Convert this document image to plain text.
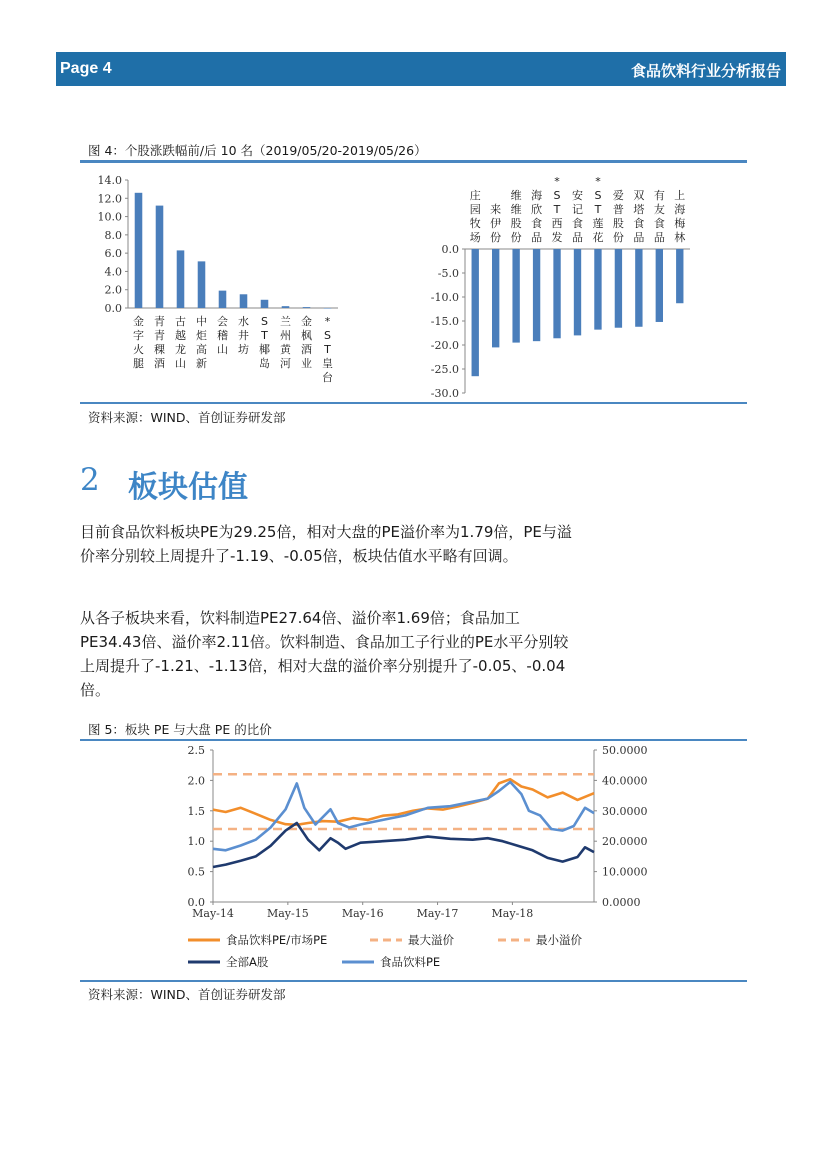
Page 4	食品饮料行业分析报告
图 4：个股涨跌幅前/后 10 名（2019/05/20-2019/05/26）
0.0
2.0
4.0
6.0
8.0
10.0
12.0
14.0
金
字
火
腿
青
青
稞
酒
古
越
龙
山
中
炬
高
新
会
稽
山
水
井
坊
S
T
椰
岛
兰
州
黄
河
金
枫
酒
业
*
S
T
皇
台
0.0
-5.0
-10.0
-15.0
-20.0
-25.0
-30.0
庄
园
牧
场
来
伊
份
维
维
股
份
海
欣
食
品
*
S
T
西
发
安
记
食
品
*
S
T
莲
花
爱
普
股
份
双
塔
食
品
有
友
食
品
上
海
梅
林
资料来源：WIND、首创证券研发部
2 板块估值

目前食品饮料板块PE为29.25倍，相对大盘的PE溢价率为1.79倍，PE与溢价率分别较上周提升了-1.19、-0.05倍，板块估值水平略有回调。

从各子板块来看，饮料制造PE27.64倍、溢价率1.69倍；食品加工PE34.43倍、溢价率2.11倍。饮料制造、食品加工子行业的PE水平分别较上周提升了-1.21、-1.13倍，相对大盘的溢价率分别提升了-0.05、-0.04倍。

图 5：板块 PE 与大盘 PE 的比价
0.0
0.5
1.0
1.5
2.0
2.5
0.0000
10.0000
20.0000
30.0000
40.0000
50.0000
May-14	May-15	May-16	May-17	May-18
食品饮料PE/市场PE	最大溢价	最小溢价
全部A股	食品饮料PE
资料来源：WIND、首创证券研发部
